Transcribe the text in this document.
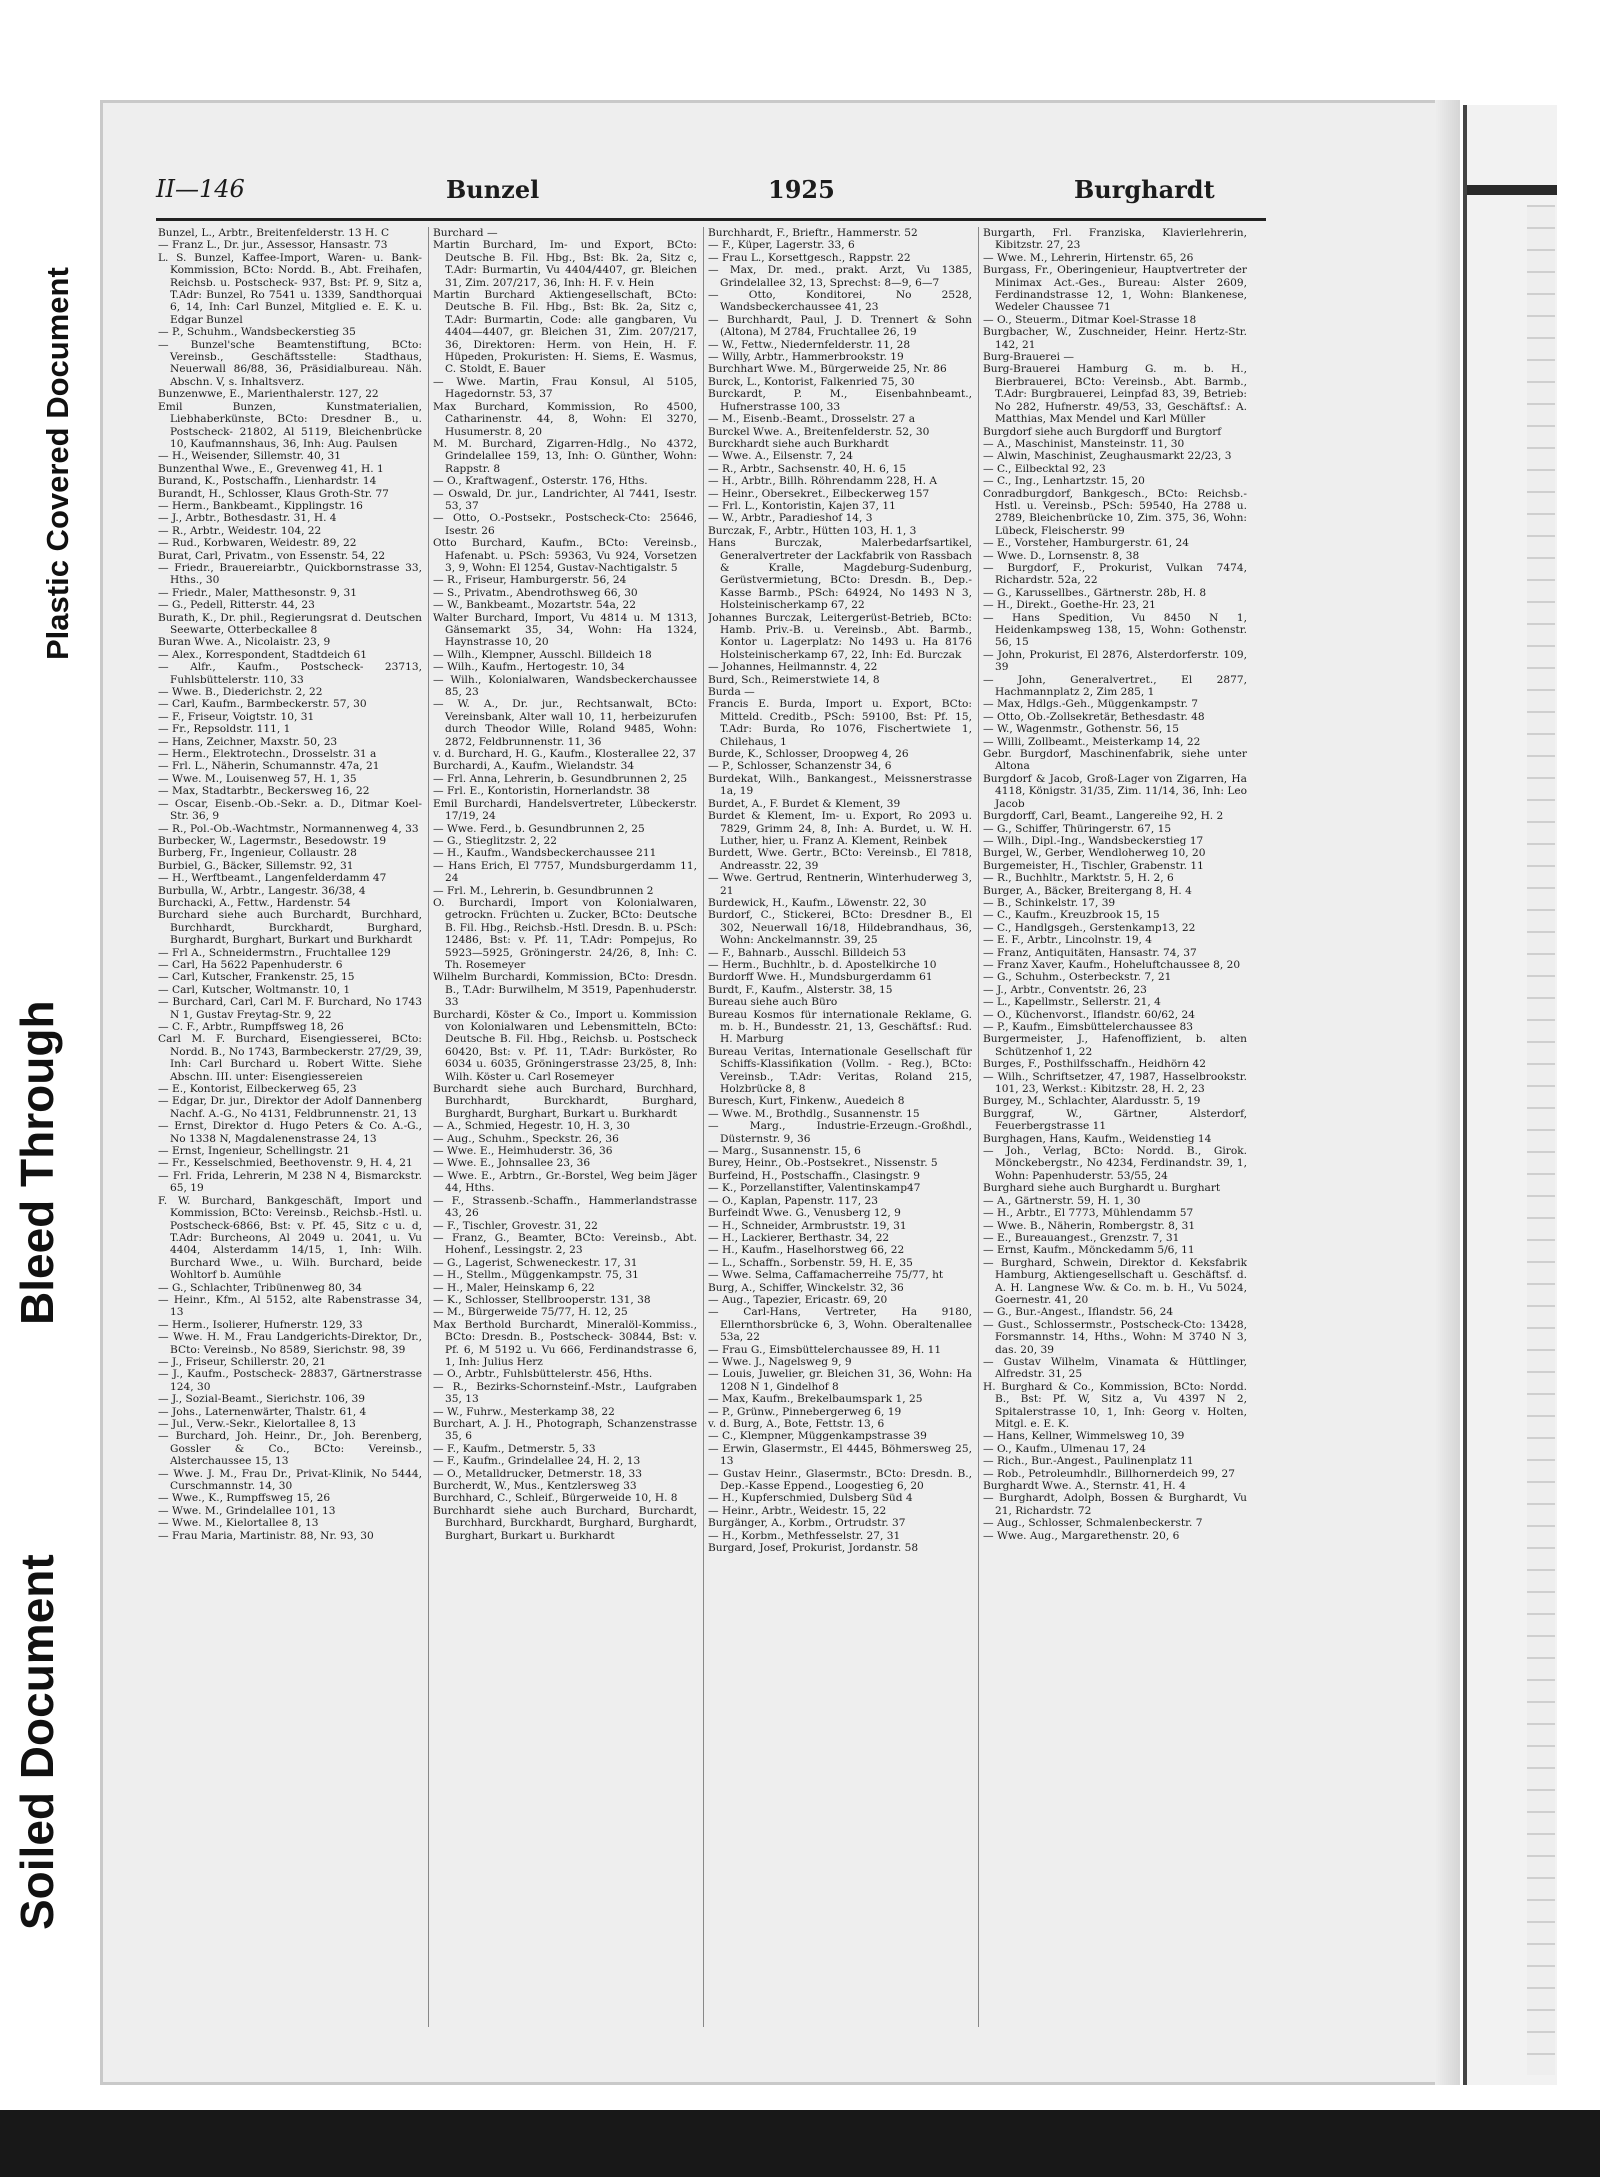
Plastic Covered Document
Bleed Through
Soiled Document
II—146	Bunzel	1925	Burghardt

Bunzel, L., Arbtr., Breitenfelderstr. 13 H. C

— Franz L., Dr. jur., Assessor, Hansastr. 73

L. S. Bunzel, Kaffee-Import, Waren- u. Bank-Kommission, BCto: Nordd. B., Abt. Freihafen, Reichsb. u. Postscheck- 937, Bst: Pf. 9, Sitz a, T.Adr: Bunzel, Ro 7541 u. 1339, Sandthorquai 6, 14, Inh: Carl Bunzel, Mitglied e. E. K. u. Edgar Bunzel

— P., Schuhm., Wandsbeckerstieg 35

— Bunzel'sche Beamtenstiftung, BCto: Vereinsb., Geschäftsstelle: Stadthaus, Neuerwall 86/88, 36, Präsidialbureau. Näh. Abschn. V, s. Inhaltsverz.

Bunzenwwe, E., Marienthalerstr. 127, 22

Emil Bunzen, Kunstmaterialien, Liebhaberkünste, BCto: Dresdner B., u. Postscheck- 21802, Al 5119, Bleichenbrücke 10, Kaufmannshaus, 36, Inh: Aug. Paulsen

— H., Weisender, Sillemstr. 40, 31

Bunzenthal Wwe., E., Grevenweg 41, H. 1

Burand, K., Postschaffn., Lienhardstr. 14

Burandt, H., Schlosser, Klaus Groth-Str. 77

— Herm., Bankbeamt., Kipplingstr. 16

— J., Arbtr., Bothesdastr. 31, H. 4

— R., Arbtr., Weidestr. 104, 22

— Rud., Korbwaren, Weidestr. 89, 22

Burat, Carl, Privatm., von Essenstr. 54, 22

— Friedr., Brauereiarbtr., Quickbornstrasse 33, Hths., 30

— Friedr., Maler, Matthesonstr. 9, 31

— G., Pedell, Ritterstr. 44, 23

Burath, K., Dr. phil., Regierungsrat d. Deutschen Seewarte, Otterbeckallee 8

Buran Wwe. A., Nicolaistr. 23, 9

— Alex., Korrespondent, Stadtdeich 61

— Alfr., Kaufm., Postscheck- 23713, Fuhlsbüttelerstr. 110, 33

— Wwe. B., Diederichstr. 2, 22

— Carl, Kaufm., Barmbeckerstr. 57, 30

— F., Friseur, Voigtstr. 10, 31

— Fr., Repsoldstr. 111, 1

— Hans, Zeichner, Maxstr. 50, 23

— Herm., Elektrotechn., Drosselstr. 31 a

— Frl. L., Näherin, Schumannstr. 47a, 21

— Wwe. M., Louisenweg 57, H. 1, 35

— Max, Stadtarbtr., Beckersweg 16, 22

— Oscar, Eisenb.-Ob.-Sekr. a. D., Ditmar Koel-Str. 36, 9

— R., Pol.-Ob.-Wachtmstr., Normannenweg 4, 33

Burbecker, W., Lagermstr., Besedowstr. 19

Burberg, Fr., Ingenieur, Collaustr. 28

Burbiel, G., Bäcker, Sillemstr. 92, 31

— H., Werftbeamt., Langenfelderdamm 47

Burbulla, W., Arbtr., Langestr. 36/38, 4

Burchacki, A., Fettw., Hardenstr. 54

Burchard siehe auch Burchardt, Burchhard, Burchhardt, Burckhardt, Burghard, Burghardt, Burghart, Burkart und Burkhardt

— Frl A., Schneidermstrn., Fruchtallee 129

— Carl, Ha 5622 Papenhuderstr. 6

— Carl, Kutscher, Frankenstr. 25, 15

— Carl, Kutscher, Woltmanstr. 10, 1

— Burchard, Carl, Carl M. F. Burchard, No 1743 N 1, Gustav Freytag-Str. 9, 22

— C. F., Arbtr., Rumpffsweg 18, 26

Carl M. F. Burchard, Eisengiesserei, BCto: Nordd. B., No 1743, Barmbeckerstr. 27/29, 39, Inh: Carl Burchard u. Robert Witte. Siehe Abschn. III. unter: Eisengiessereien

— E., Kontorist, Eilbeckerweg 65, 23

— Edgar, Dr. jur., Direktor der Adolf Dannenberg Nachf. A.-G., No 4131, Feldbrunnenstr. 21, 13

— Ernst, Direktor d. Hugo Peters & Co. A.-G., No 1338 N, Magdalenenstrasse 24, 13

— Ernst, Ingenieur, Schellingstr. 21

— Fr., Kesselschmied, Beethovenstr. 9, H. 4, 21

— Frl. Frida, Lehrerin, M 238 N 4, Bismarckstr. 65, 19

F. W. Burchard, Bankgeschäft, Import und Kommission, BCto: Vereinsb., Reichsb.-Hstl. u. Postscheck-6866, Bst: v. Pf. 45, Sitz c u. d, T.Adr: Burcheons, Al 2049 u. 2041, u. Vu 4404, Alsterdamm 14/15, 1, Inh: Wilh. Burchard Wwe., u. Wilh. Burchard, beide Wohltorf b. Aumühle

— G., Schlachter, Tribünenweg 80, 34

— Heinr., Kfm., Al 5152, alte Rabenstrasse 34, 13

— Herm., Isolierer, Hufnerstr. 129, 33

— Wwe. H. M., Frau Landgerichts-Direktor, Dr., BCto: Vereinsb., No 8589, Sierichstr. 98, 39

— J., Friseur, Schillerstr. 20, 21

— J., Kaufm., Postscheck- 28837, Gärtnerstrasse 124, 30

— J., Sozial-Beamt., Sierichstr. 106, 39

— Johs., Laternenwärter, Thalstr. 61, 4

— Jul., Verw.-Sekr., Kielortallee 8, 13

— Burchard, Joh. Heinr., Dr., Joh. Berenberg, Gossler & Co., BCto: Vereinsb., Alsterchaussee 15, 13

— Wwe. J. M., Frau Dr., Privat-Klinik, No 5444, Curschmannstr. 14, 30

— Wwe., K., Rumpffsweg 15, 26

— Wwe. M., Grindelallee 101, 13

— Wwe. M., Kielortallee 8, 13

— Frau Maria, Martinistr. 88, Nr. 93, 30

Burchard —

Martin Burchard, Im- und Export, BCto: Deutsche B. Fil. Hbg., Bst: Bk. 2a, Sitz c, T.Adr: Burmartin, Vu 4404/4407, gr. Bleichen 31, Zim. 207/217, 36, Inh: H. F. v. Hein

Martin Burchard Aktiengesellschaft, BCto: Deutsche B. Fil. Hbg., Bst: Bk. 2a, Sitz c, T.Adr: Burmartin, Code: alle gangbaren, Vu 4404—4407, gr. Bleichen 31, Zim. 207/217, 36, Direktoren: Herm. von Hein, H. F. Hüpeden, Prokuristen: H. Siems, E. Wasmus, C. Stoldt, E. Bauer

— Wwe. Martin, Frau Konsul, Al 5105, Hagedornstr. 53, 37

Max Burchard, Kommission, Ro 4500, Catharinenstr. 44, 8, Wohn: El 3270, Husumerstr. 8, 20

M. M. Burchard, Zigarren-Hdlg., No 4372, Grindelallee 159, 13, Inh: O. Günther, Wohn: Rappstr. 8

— O., Kraftwagenf., Osterstr. 176, Hths.

— Oswald, Dr. jur., Landrichter, Al 7441, Isestr. 53, 37

— Otto, O.-Postsekr., Postscheck-Cto: 25646, Isestr. 26

Otto Burchard, Kaufm., BCto: Vereinsb., Hafenabt. u. PSch: 59363, Vu 924, Vorsetzen 3, 9, Wohn: El 1254, Gustav-Nachtigalstr. 5

— R., Friseur, Hamburgerstr. 56, 24

— S., Privatm., Abendrothsweg 66, 30

— W., Bankbeamt., Mozartstr. 54a, 22

Walter Burchard, Import, Vu 4814 u. M 1313, Gänsemarkt 35, 34, Wohn: Ha 1324, Haynstrasse 10, 20

— Wilh., Klempner, Ausschl. Billdeich 18

— Wilh., Kaufm., Hertogestr. 10, 34

— Wilh., Kolonialwaren, Wandsbeckerchaussee 85, 23

— W. A., Dr. jur., Rechtsanwalt, BCto: Vereinsbank, Alter wall 10, 11, herbeizurufen durch Theodor Wille, Roland 9485, Wohn: 2872, Feldbrunnenstr. 11, 36

v. d. Burchard, H. G., Kaufm., Klosterallee 22, 37

Burchardi, A., Kaufm., Wielandstr. 34

— Frl. Anna, Lehrerin, b. Gesundbrunnen 2, 25

— Frl. E., Kontoristin, Hornerlandstr. 38

Emil Burchardi, Handelsvertreter, Lübeckerstr. 17/19, 24

— Wwe. Ferd., b. Gesundbrunnen 2, 25

— G., Stieglitzstr. 2, 22

— H., Kaufm., Wandsbeckerchaussee 211

— Hans Erich, El 7757, Mundsburgerdamm 11, 24

— Frl. M., Lehrerin, b. Gesundbrunnen 2

O. Burchardi, Import von Kolonialwaren, getrockn. Früchten u. Zucker, BCto: Deutsche B. Fil. Hbg., Reichsb.-Hstl. Dresdn. B. u. PSch: 12486, Bst: v. Pf. 11, T.Adr: Pompejus, Ro 5923—5925, Gröningerstr. 24/26, 8, Inh: C. Th. Rosemeyer

Wilhelm Burchardi, Kommission, BCto: Dresdn. B., T.Adr: Burwilhelm, M 3519, Papenhuderstr. 33

Burchardi, Köster & Co., Import u. Kommission von Kolonialwaren und Lebensmitteln, BCto: Deutsche B. Fil. Hbg., Reichsb. u. Postscheck 60420, Bst: v. Pf. 11, T.Adr: Burköster, Ro 6034 u. 6035, Gröningerstrasse 23/25, 8, Inh: Wilh. Köster u. Carl Rosemeyer

Burchardt siehe auch Burchard, Burchhard, Burchhardt, Burckhardt, Burghard, Burghardt, Burghart, Burkart u. Burkhardt

— A., Schmied, Hegestr. 10, H. 3, 30

— Aug., Schuhm., Speckstr. 26, 36

— Wwe. E., Heimhuderstr. 36, 36

— Wwe. E., Johnsallee 23, 36

— Wwe. E., Arbtrn., Gr.-Borstel, Weg beim Jäger 44, Hths.

— F., Strassenb.-Schaffn., Hammerlandstrasse 43, 26

— F., Tischler, Grovestr. 31, 22

— Franz, G., Beamter, BCto: Vereinsb., Abt. Hohenf., Lessingstr. 2, 23

— G., Lagerist, Schweneckestr. 17, 31

— H., Stellm., Müggenkampstr. 75, 31

— H., Maler, Heinskamp 6, 22

— K., Schlosser, Stellbrooperstr. 131, 38

— M., Bürgerweide 75/77, H. 12, 25

Max Berthold Burchardt, Mineralöl-Kommiss., BCto: Dresdn. B., Postscheck- 30844, Bst: v. Pf. 6, M 5192 u. Vu 666, Ferdinandstrasse 6, 1, Inh: Julius Herz

— O., Arbtr., Fuhlsbüttelerstr. 456, Hths.

— R., Bezirks-Schornsteinf.-Mstr., Laufgraben 35, 13

— W., Fuhrw., Mesterkamp 38, 22

Burchart, A. J. H., Photograph, Schanzenstrasse 35, 6

— F., Kaufm., Detmerstr. 5, 33

— F., Kaufm., Grindelallee 24, H. 2, 13

— O., Metalldrucker, Detmerstr. 18, 33

Burcherdt, W., Mus., Kentzlersweg 33

Burchhard, C., Schleif., Bürgerweide 10, H. 8

Burchhardt siehe auch Burchard, Burchardt, Burchhard, Burckhardt, Burghard, Burghardt, Burghart, Burkart u. Burkhardt

Burchhardt, F., Brieftr., Hammerstr. 52

— F., Küper, Lagerstr. 33, 6

— Frau L., Korsettgesch., Rappstr. 22

— Max, Dr. med., prakt. Arzt, Vu 1385, Grindelallee 32, 13, Sprechst: 8—9, 6—7

— Otto, Konditorei, No 2528, Wandsbeckerchaussee 41, 23

— Burchhardt, Paul, J. D. Trennert & Sohn (Altona), M 2784, Fruchtallee 26, 19

— W., Fettw., Niedernfelderstr. 11, 28

— Willy, Arbtr., Hammerbrookstr. 19

Burchhart Wwe. M., Bürgerweide 25, Nr. 86

Burck, L., Kontorist, Falkenried 75, 30

Burckardt, P. M., Eisenbahnbeamt., Hufnerstrasse 100, 33

— M., Eisenb.-Beamt., Drosselstr. 27 a

Burckel Wwe. A., Breitenfelderstr. 52, 30

Burckhardt siehe auch Burkhardt

— Wwe. A., Eilsenstr. 7, 24

— R., Arbtr., Sachsenstr. 40, H. 6, 15

— H., Arbtr., Billh. Röhrendamm 228, H. A

— Heinr., Obersekret., Eilbeckerweg 157

— Frl. L., Kontoristin, Kajen 37, 11

— W., Arbtr., Paradieshof 14, 3

Burczak, F., Arbtr., Hütten 103, H. 1, 3

Hans Burczak, Malerbedarfsartikel, Generalvertreter der Lackfabrik von Rassbach & Kralle, Magdeburg-Sudenburg, Gerüstvermietung, BCto: Dresdn. B., Dep.-Kasse Barmb., PSch: 64924, No 1493 N 3, Holsteinischerkamp 67, 22

Johannes Burczak, Leitergerüst-Betrieb, BCto: Hamb. Priv.-B. u. Vereinsb., Abt. Barmb., Kontor u. Lagerplatz: No 1493 u. Ha 8176 Holsteinischerkamp 67, 22, Inh: Ed. Burczak

— Johannes, Heilmannstr. 4, 22

Burd, Sch., Reimerstwiete 14, 8

Burda —

Francis E. Burda, Import u. Export, BCto: Mitteld. Creditb., PSch: 59100, Bst: Pf. 15, T.Adr: Burda, Ro 1076, Fischertwiete 1, Chilehaus, 1

Burde, K., Schlosser, Droopweg 4, 26

— P., Schlosser, Schanzenstr 34, 6

Burdekat, Wilh., Bankangest., Meissnerstrasse 1a, 19

Burdet, A., F. Burdet & Klement, 39

Burdet & Klement, Im- u. Export, Ro 2093 u. 7829, Grimm 24, 8, Inh: A. Burdet, u. W. H. Luther, hier, u. Franz A. Klement, Reinbek

Burdett, Wwe. Gertr., BCto: Vereinsb., El 7818, Andreasstr. 22, 39

— Wwe. Gertrud, Rentnerin, Winterhuderweg 3, 21

Burdewick, H., Kaufm., Löwenstr. 22, 30

Burdorf, C., Stickerei, BCto: Dresdner B., El 302, Neuerwall 16/18, Hildebrandhaus, 36, Wohn: Anckelmannstr. 39, 25

— F., Bahnarb., Ausschl. Billdeich 53

— Herm., Buchhltr., b. d. Apostelkirche 10

Burdorff Wwe. H., Mundsburgerdamm 61

Burdt, F., Kaufm., Alsterstr. 38, 15

Bureau siehe auch Büro

Bureau Kosmos für internationale Reklame, G. m. b. H., Bundesstr. 21, 13, Geschäftsf.: Rud. H. Marburg

Bureau Veritas, Internationale Gesellschaft für Schiffs-Klassifikation (Vollm. - Reg.), BCto: Vereinsb., T.Adr: Veritas, Roland 215, Holzbrücke 8, 8

Buresch, Kurt, Finkenw., Auedeich 8

— Wwe. M., Brothdlg., Susannenstr. 15

— Marg., Industrie-Erzeugn.-Großhdl., Düsternstr. 9, 36

— Marg., Susannenstr. 15, 6

Burey, Heinr., Ob.-Postsekret., Nissenstr. 5

Burfeind, H., Postschaffn., Clasingstr. 9

— K., Porzellanstifter, Valentinskamp47

— O., Kaplan, Papenstr. 117, 23

Burfeindt Wwe. G., Venusberg 12, 9

— H., Schneider, Armbruststr. 19, 31

— H., Lackierer, Berthastr. 34, 22

— H., Kaufm., Haselhorstweg 66, 22

— L., Schaffn., Sorbenstr. 59, H. E, 35

— Wwe. Selma, Caffamacherreihe 75/77, ht

Burg, A., Schiffer, Winckelstr. 32, 36

— Aug., Tapezier, Ericastr. 69, 20

— Carl-Hans, Vertreter, Ha 9180, Ellernthorsbrücke 6, 3, Wohn. Oberaltenallee 53a, 22

— Frau G., Eimsbüttelerchaussee 89, H. 11

— Wwe. J., Nagelsweg 9, 9

— Louis, Juwelier, gr. Bleichen 31, 36, Wohn: Ha 1208 N 1, Gindelhof 8

— Max, Kaufm., Brekelbaumspark 1, 25

— P., Grünw., Pinnebergerweg 6, 19

v. d. Burg, A., Bote, Fettstr. 13, 6

— C., Klempner, Müggenkampstrasse 39

— Erwin, Glasermstr., El 4445, Böhmersweg 25, 13

— Gustav Heinr., Glasermstr., BCto: Dresdn. B., Dep.-Kasse Eppend., Loogestieg 6, 20

— H., Kupferschmied, Dulsberg Süd 4

— Heinr., Arbtr., Weidestr. 15, 22

Burgänger, A., Korbm., Ortrudstr. 37

— H., Korbm., Methfesselstr. 27, 31

Burgard, Josef, Prokurist, Jordanstr. 58

Burgarth, Frl. Franziska, Klavierlehrerin, Kibitzstr. 27, 23

— Wwe. M., Lehrerin, Hirtenstr. 65, 26

Burgass, Fr., Oberingenieur, Hauptvertreter der Minimax Act.-Ges., Bureau: Alster 2609, Ferdinandstrasse 12, 1, Wohn: Blankenese, Wedeler Chaussee 71

— O., Steuerm., Ditmar Koel-Strasse 18

Burgbacher, W., Zuschneider, Heinr. Hertz-Str. 142, 21

Burg-Brauerei —

Burg-Brauerei Hamburg G. m. b. H., Bierbrauerei, BCto: Vereinsb., Abt. Barmb., T.Adr: Burgbrauerei, Leinpfad 83, 39, Betrieb: No 282, Hufnerstr. 49/53, 33, Geschäftsf.: A. Matthias, Max Mendel und Karl Müller

Burgdorf siehe auch Burgdorff und Burgtorf

— A., Maschinist, Mansteinstr. 11, 30

— Alwin, Maschinist, Zeughausmarkt 22/23, 3

— C., Eilbecktal 92, 23

— C., Ing., Lenhartzstr. 15, 20

Conradburgdorf, Bankgesch., BCto: Reichsb.-Hstl. u. Vereinsb., PSch: 59540, Ha 2788 u. 2789, Bleichenbrücke 10, Zim. 375, 36, Wohn: Lübeck, Fleischerstr. 99

— E., Vorsteher, Hamburgerstr. 61, 24

— Wwe. D., Lornsenstr. 8, 38

— Burgdorf, F., Prokurist, Vulkan 7474, Richardstr. 52a, 22

— G., Karussellbes., Gärtnerstr. 28b, H. 8

— H., Direkt., Goethe-Hr. 23, 21

— Hans Spedition, Vu 8450 N 1, Heidenkampsweg 138, 15, Wohn: Gothenstr. 56, 15

— John, Prokurist, El 2876, Alsterdorferstr. 109, 39

— John, Generalvertret., El 2877, Hachmannplatz 2, Zim 285, 1

— Max, Hdlgs.-Geh., Müggenkampstr. 7

— Otto, Ob.-Zollsekretär, Bethesdastr. 48

— W., Wagenmstr., Gothenstr. 56, 15

— Willi, Zollbeamt., Meisterkamp 14, 22

Gebr. Burgdorf, Maschinenfabrik, siehe unter Altona

Burgdorf & Jacob, Groß-Lager von Zigarren, Ha 4118, Königstr. 31/35, Zim. 11/14, 36, Inh: Leo Jacob

Burgdorff, Carl, Beamt., Langereihe 92, H. 2

— G., Schiffer, Thüringerstr. 67, 15

— Wilh., Dipl.-Ing., Wandsbeckerstieg 17

Burgel, W., Gerber, Wendloherweg 10, 20

Burgemeister, H., Tischler, Grabenstr. 11

— R., Buchhltr., Marktstr. 5, H. 2, 6

Burger, A., Bäcker, Breitergang 8, H. 4

— B., Schinkelstr. 17, 39

— C., Kaufm., Kreuzbrook 15, 15

— C., Handlgsgeh., Gerstenkamp13, 22

— E. F., Arbtr., Lincolnstr. 19, 4

— Franz, Antiquitäten, Hansastr. 74, 37

— Franz Xaver, Kaufm., Hoheluftchaussee 8, 20

— G., Schuhm., Osterbeckstr. 7, 21

— J., Arbtr., Conventstr. 26, 23

— L., Kapellmstr., Sellerstr. 21, 4

— O., Küchenvorst., Iflandstr. 60/62, 24

— P., Kaufm., Eimsbüttelerchaussee 83

Burgermeister, J., Hafenoffizient, b. alten Schützenhof 1, 22

Burges, F., Posthilfsschaffn., Heidhörn 42

— Wilh., Schriftsetzer, 47, 1987, Hasselbrookstr. 101, 23, Werkst.: Kibitzstr. 28, H. 2, 23

Burgey, M., Schlachter, Alardusstr. 5, 19

Burggraf, W., Gärtner, Alsterdorf, Feuerbergstrasse 11

Burghagen, Hans, Kaufm., Weidenstieg 14

— Joh., Verlag, BCto: Nordd. B., Girok. Mönckebergstr., No 4234, Ferdinandstr. 39, 1, Wohn: Papenhuderstr. 53/55, 24

Burghard siehe auch Burghardt u. Burghart

— A., Gärtnerstr. 59, H. 1, 30

— H., Arbtr., El 7773, Mühlendamm 57

— Wwe. B., Näherin, Rombergstr. 8, 31

— E., Bureauangest., Grenzstr. 7, 31

— Ernst, Kaufm., Mönckedamm 5/6, 11

— Burghard, Schwein, Direktor d. Keksfabrik Hamburg, Aktiengesellschaft u. Geschäftsf. d. A. H. Langnese Ww. & Co. m. b. H., Vu 5024, Goernestr. 41, 20

— G., Bur.-Angest., Iflandstr. 56, 24

— Gust., Schlossermstr., Postscheck-Cto: 13428, Forsmannstr. 14, Hths., Wohn: M 3740 N 3, das. 20, 39

— Gustav Wilhelm, Vinamata & Hüttlinger, Alfredstr. 31, 25

H. Burghard & Co., Kommission, BCto: Nordd. B., Bst: Pf. W, Sitz a, Vu 4397 N 2, Spitalerstrasse 10, 1, Inh: Georg v. Holten, Mitgl. e. E. K.

— Hans, Kellner, Wimmelsweg 10, 39

— O., Kaufm., Ulmenau 17, 24

— Rich., Bur.-Angest., Paulinenplatz 11

— Rob., Petroleumhdlr., Billhornerdeich 99, 27

Burghardt Wwe. A., Sternstr. 41, H. 4

— Burghardt, Adolph, Bossen & Burghardt, Vu 21, Richardstr. 72

— Aug., Schlosser, Schmalenbeckerstr. 7

— Wwe. Aug., Margarethenstr. 20, 6
